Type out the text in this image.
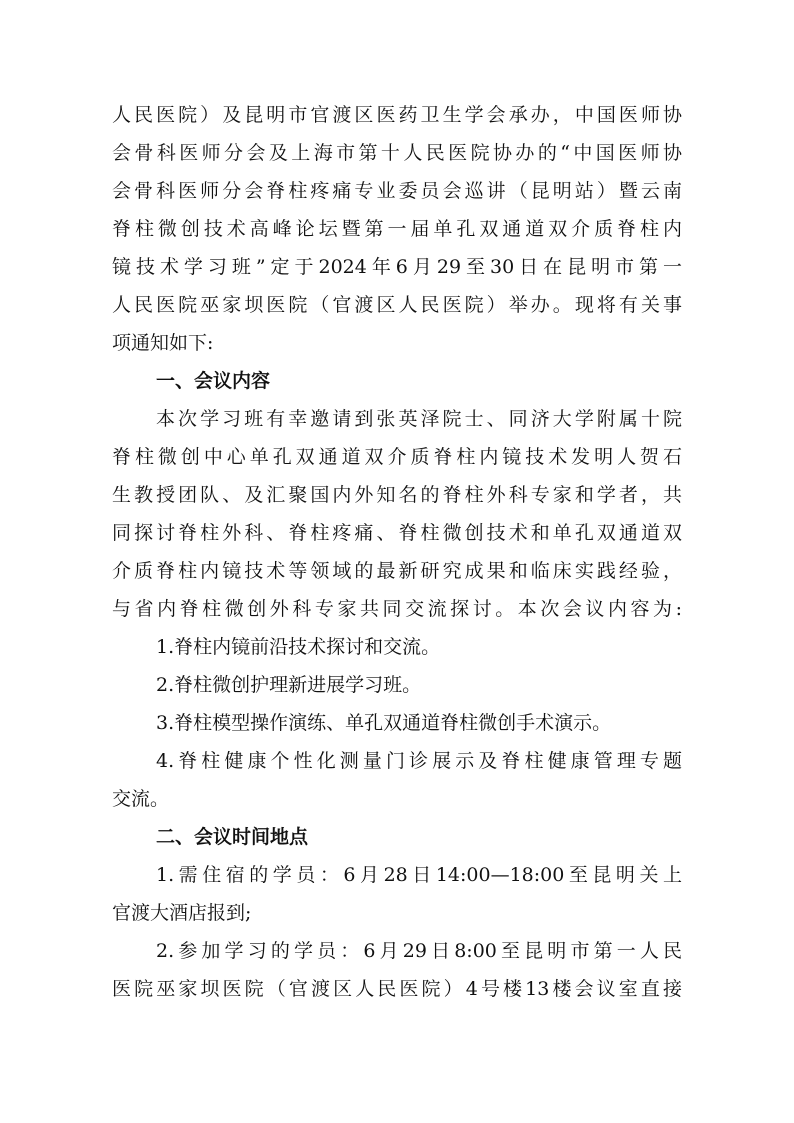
人民医院）及昆明市官渡区医药卫生学会承办，中国医师协
会骨科医师分会及上海市第十人民医院协办的“中国医师协
会骨科医师分会脊柱疼痛专业委员会巡讲（昆明站）暨云南
脊柱微创技术高峰论坛暨第一届单孔双通道双介质脊柱内
镜技术学习班”定于2024年6月29至30日在昆明市第一
人民医院巫家坝医院（官渡区人民医院）举办。现将有关事
项通知如下:
一、会议内容
本次学习班有幸邀请到张英泽院士、同济大学附属十院
脊柱微创中心单孔双通道双介质脊柱内镜技术发明人贺石
生教授团队、及汇聚国内外知名的脊柱外科专家和学者，共
同探讨脊柱外科、脊柱疼痛、脊柱微创技术和单孔双通道双
介质脊柱内镜技术等领域的最新研究成果和临床实践经验，
与省内脊柱微创外科专家共同交流探讨。本次会议内容为:
1.脊柱内镜前沿技术探讨和交流。
2.脊柱微创护理新进展学习班。
3.脊柱模型操作演练、单孔双通道脊柱微创手术演示。
4.脊柱健康个性化测量门诊展示及脊柱健康管理专题
交流。
二、会议时间地点
1.需住宿的学员：6月28日14:00—18:00至昆明关上
官渡大酒店报到;
2.参加学习的学员：6月29日8:00至昆明市第一人民
医院巫家坝医院（官渡区人民医院）4号楼13楼会议室直接
